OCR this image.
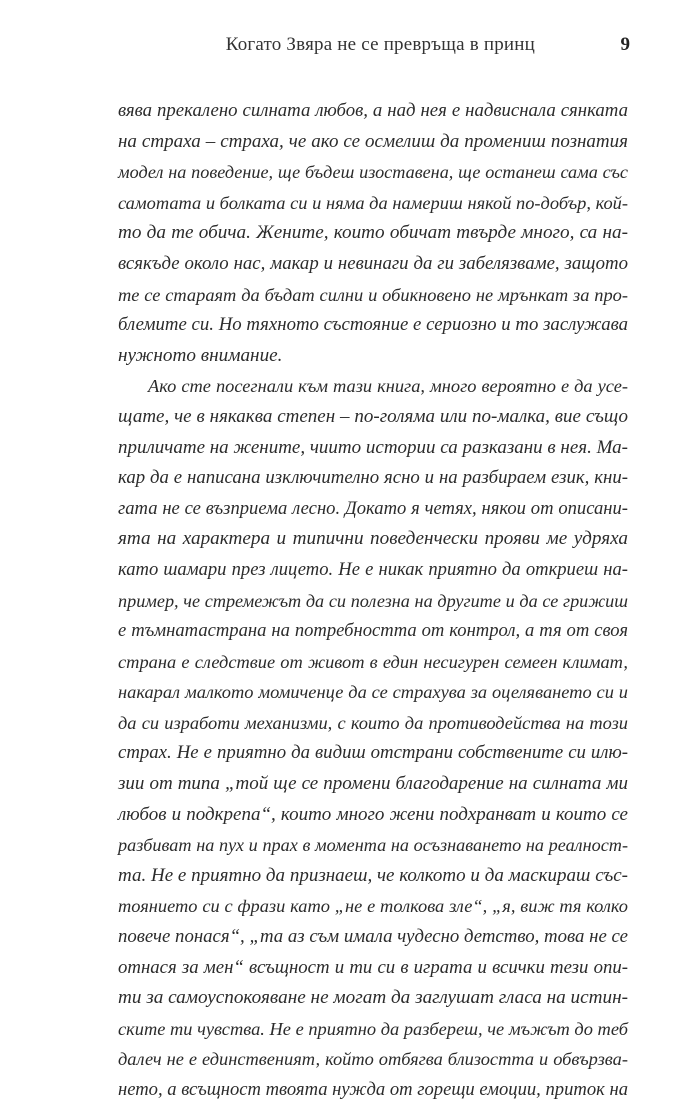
Когато Звяра не се превръща в принц	9
вява прекалено силната любов, а над нея е надвиснала сянката
на страха – страха, че ако се осмелиш да промениш познатия
модел на поведение, ще бъдеш изоставена, ще останеш сама със
самотата и болката си и няма да намериш някой по-добър, кой-
то да те обича. Жените, които обичат твърде много, са на-
всякъде около нас, макар и невинаги да ги забелязваме, защото
те се стараят да бъдат силни и обикновено не мрънкат за про-
блемите си. Но тяхното състояние е сериозно и то заслужава
нужното внимание.
Ако сте посегнали към тази книга, много вероятно е да усе-
щате, че в някаква степен – по-голяма или по-малка, вие също
приличате на жените, чиито истории са разказани в нея. Ма-
кар да е написана изключително ясно и на разбираем език, кни-
гата не се възприема лесно. Докато я четях, някои от описани-
ята на характера и типични поведенчески прояви ме удряха
като шамари през лицето. Не е никак приятно да откриеш на-
пример, че стремежът да си полезна на другите и да се грижиш
е тъмнатастрана на потребността от контрол, а тя от своя
страна е следствие от живот в един несигурен семеен климат,
накарал малкото момиченце да се страхува за оцеляването си и
да си изработи механизми, с които да противодейства на този
страх. Не е приятно да видиш отстрани собствените си илю-
зии от типа „той ще се промени благодарение на силната ми
любов и подкрепа“, които много жени подхранват и които се
разбиват на пух и прах в момента на осъзнаването на реалност-
та. Не е приятно да признаеш, че колкото и да маскираш със-
тоянието си с фрази като „не е толкова зле“, „я, виж тя колко
повече понася“, „та аз съм имала чудесно детство, това не се
отнася за мен“ всъщност и ти си в играта и всички тези опи-
ти за самоуспокояване не могат да заглушат гласа на истин-
ските ти чувства. Не е приятно да разбереш, че мъжът до теб
далеч не е единственият, който отбягва близостта и обвързва-
нето, а всъщност твоята нужда от горещи емоции, приток на
